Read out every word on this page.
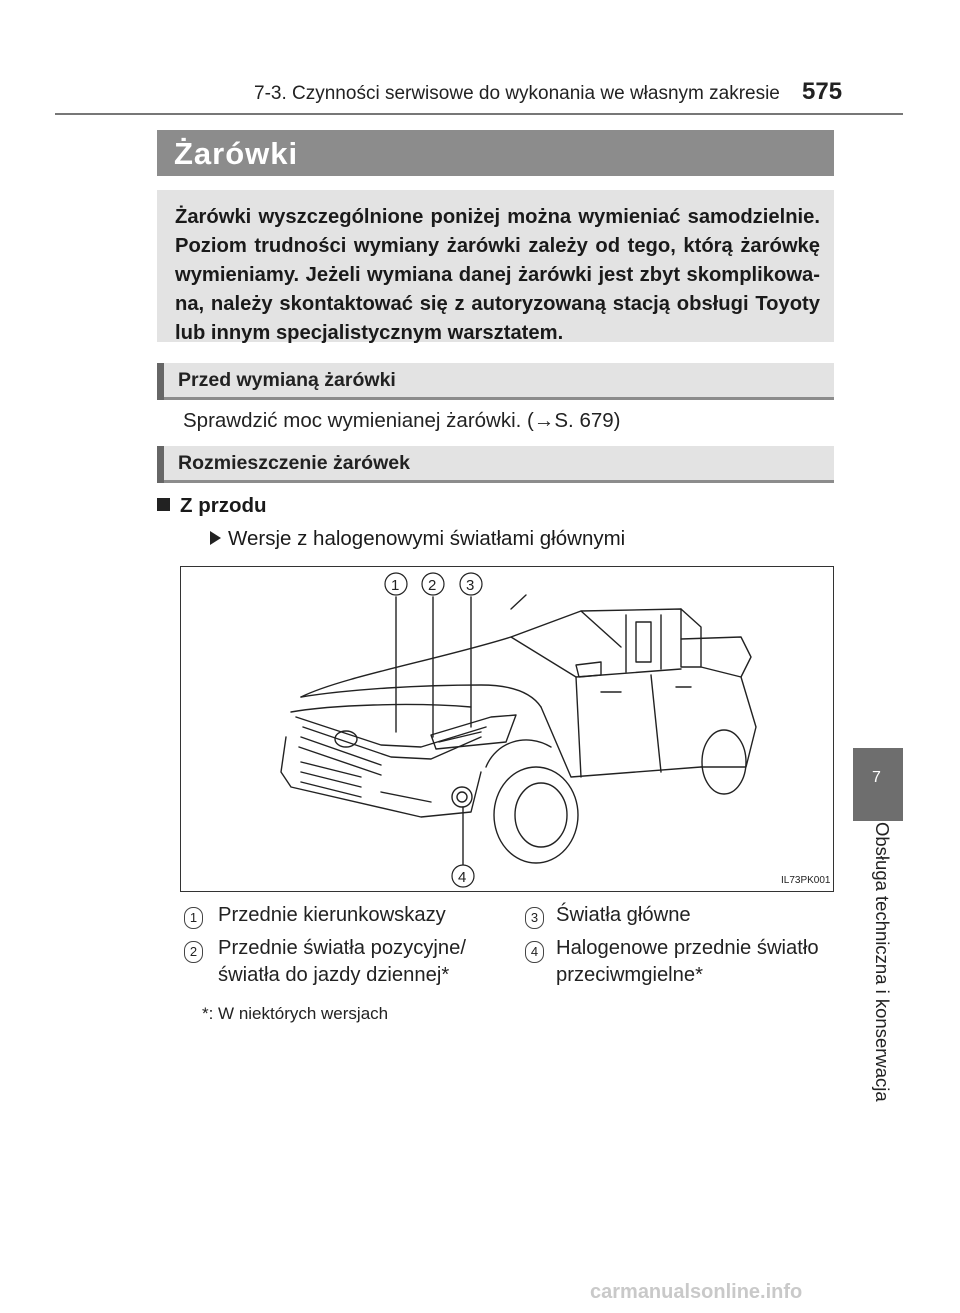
7-3. Czynności serwisowe do wykonania we własnym zakresie 575
Żarówki
Żarówki wyszczególnione poniżej można wymieniać samodzielnie. Poziom trudności wymiany żarówki zależy od tego, którą żarówkę wymieniamy. Jeżeli wymiana danej żarówki jest zbyt skomplikowa-na, należy skontaktować się z autoryzowaną stacją obsługi Toyoty lub innym specjalistycznym warsztatem.
Przed wymianą żarówki
Sprawdzić moc wymienianej żarówki. (→S. 679)
Rozmieszczenie żarówek
Z przodu
Wersje z halogenowymi światłami głównymi
1 2 3
4	IL73PK001
1 Przednie kierunkowskazy
2 Przednie światła pozycyjne/ światła do jazdy dziennej*
3 Światła główne
4 Halogenowe przednie światło przeciwmgielne*
*: W niektórych wersjach
7
Obsługa techniczna i konserwacja
carmanualsonline.info
